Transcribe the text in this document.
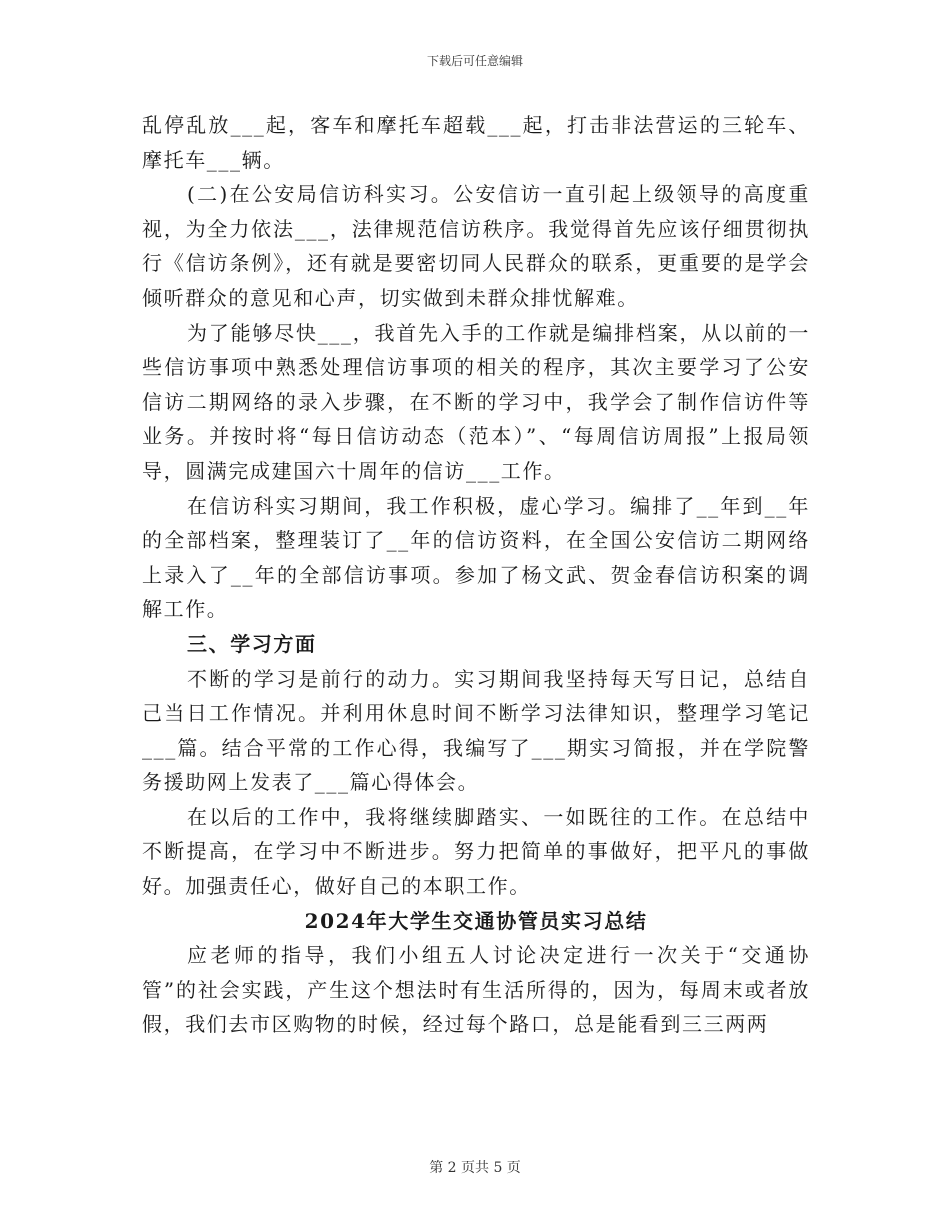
下载后可任意编辑

乱停乱放___起，客车和摩托车超载___起，打击非法营运的三轮车、摩托车___辆。

(二)在公安局信访科实习。公安信访一直引起上级领导的高度重视，为全力依法___，法律规范信访秩序。我觉得首先应该仔细贯彻执行《信访条例》，还有就是要密切同人民群众的联系，更重要的是学会倾听群众的意见和心声，切实做到未群众排忧解难。

为了能够尽快___，我首先入手的工作就是编排档案，从以前的一些信访事项中熟悉处理信访事项的相关的程序，其次主要学习了公安信访二期网络的录入步骤，在不断的学习中，我学会了制作信访件等业务。并按时将“每日信访动态（范本）”、“每周信访周报”上报局领导，圆满完成建国六十周年的信访___工作。

在信访科实习期间，我工作积极，虚心学习。编排了__年到__年的全部档案，整理装订了__年的信访资料，在全国公安信访二期网络上录入了__年的全部信访事项。参加了杨文武、贺金春信访积案的调解工作。

三、学习方面

不断的学习是前行的动力。实习期间我坚持每天写日记，总结自己当日工作情况。并利用休息时间不断学习法律知识，整理学习笔记___篇。结合平常的工作心得，我编写了___期实习简报，并在学院警务援助网上发表了___篇心得体会。

在以后的工作中，我将继续脚踏实、一如既往的工作。在总结中不断提高，在学习中不断进步。努力把简单的事做好，把平凡的事做好。加强责任心，做好自己的本职工作。

2024年大学生交通协管员实习总结

应老师的指导，我们小组五人讨论决定进行一次关于“交通协管”的社会实践，产生这个想法时有生活所得的，因为，每周末或者放假，我们去市区购物的时候，经过每个路口，总是能看到三三两两

第 2 页共 5 页
